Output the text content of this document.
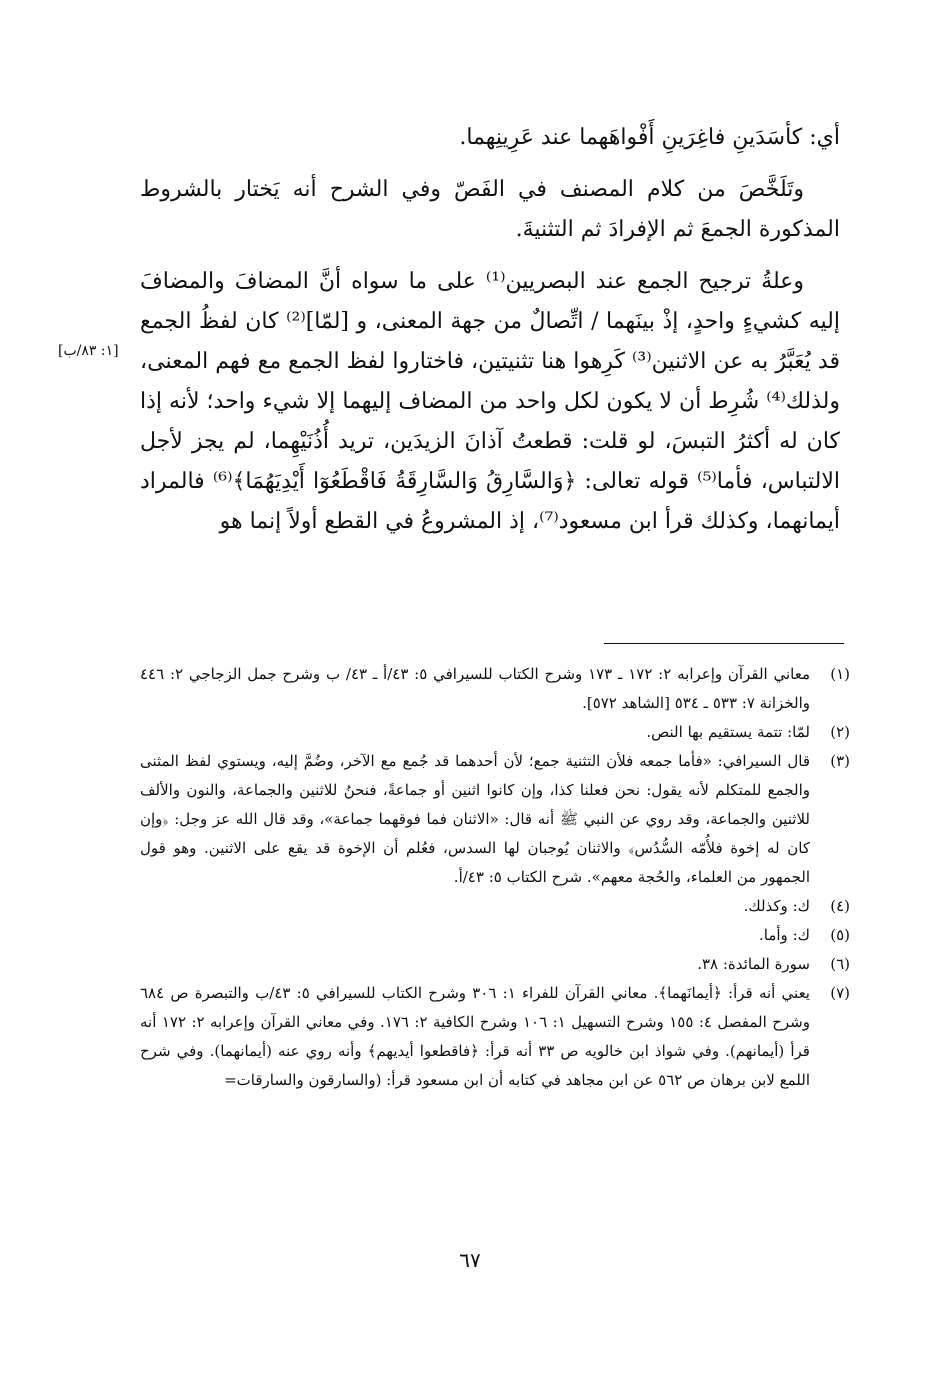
أي: كأسَدَينِ فاغِرَينِ أَفْواهَهما عند عَرِينِهما.

وتَلَخَّصَ من كلام المصنف في الفَصّ وفي الشرح أنه يَختار بالشروط المذكورة الجمعَ ثم الإفرادَ ثم التثنيةَ.

وعلةُ ترجيح الجمع عند البصريين⁽¹⁾ على ما سواه أنَّ المضافَ والمضافَ إليه كشيءٍ واحدٍ، إذْ بينَهما / اتِّصالٌ من جهة المعنى، و [لمّا]⁽²⁾ كان لفظُ الجمع قد يُعَبَّرُ به عن الاثنين⁽³⁾ كَرِهوا هنا تثنيتين، فاختاروا لفظ الجمع مع فهم المعنى، ولذلك⁽⁴⁾ شُرِط أن لا يكون لكل واحد من المضاف إليهما إلا شيء واحد؛ لأنه إذا كان له أكثرُ التبسَ، لو قلت: قطعتُ آذانَ الزيدَين، تريد أُذُنَيْهِما، لم يجز لأجل الالتباس، فأما⁽⁵⁾ قوله تعالى: ﴿وَالسَّارِقُ وَالسَّارِقَةُ فَاقْطَعُوٓا أَيْدِيَهُمَا﴾⁽⁶⁾ فالمراد أيمانهما، وكذلك قرأ ابن مسعود⁽⁷⁾، إذ المشروعُ في القطع أولاً إنما هو

[١: ٨٣/ب]
(١)
معاني القرآن وإعرابه ٢: ١٧٢ ـ ١٧٣ وشرح الكتاب للسيرافي ٥: ٤٣/أ ـ ٤٣/ ب وشرح جمل الزجاجي ٢: ٤٤٦ والخزانة ٧: ٥٣٣ ـ ٥٣٤ [الشاهد ٥٧٢].
(٢)
لمّا: تتمة يستقيم بها النص.
(٣)
قال السيرافي: «فأما جمعه فلأن التثنية جمع؛ لأن أحدهما قد جُمع مع الآخر، وضُمَّ إليه، ويستوي لفظ المثنى والجمع للمتكلم لأنه يقول: نحن فعلنا كذا، وإن كانوا اثنين أو جماعةً، فنحنُ للاثنين والجماعة، والنون والألف للاثنين والجماعة، وقد روي عن النبي ﷺ أنه قال: «الاثنان فما فوقهما جماعة»، وقد قال الله عز وجل: ﴿وإن كان له إخوة فلأُمّه السُّدُس﴾ والاثنان يُوجبان لها السدس، فعُلم أن الإخوة قد يقع على الاثنين. وهو قول الجمهور من العلماء، والحُجة معهم». شرح الكتاب ٥: ٤٣/أ.
(٤)
ك: وكذلك.
(٥)
ك: وأما.
(٦)
سورة المائدة: ٣٨.
(٧)
يعني أنه قرأ: ﴿أيمانَهما﴾. معاني القرآن للفراء ١: ٣٠٦ وشرح الكتاب للسيرافي ٥: ٤٣/ب والتبصرة ص ٦٨٤ وشرح المفصل ٤: ١٥٥ وشرح التسهيل ١: ١٠٦ وشرح الكافية ٢: ١٧٦. وفي معاني القرآن وإعرابه ٢: ١٧٢ أنه قرأ (أيمانهم). وفي شواذ ابن خالويه ص ٣٣ أنه قرأ: ﴿فاقطعوا أيديهم﴾ وأنه روي عنه (أيمانهما). وفي شرح اللمع لابن برهان ص ٥٦٢ عن ابن مجاهد في كتابه أن ابن مسعود قرأ: (والسارقون والسارقات=
٦٧
